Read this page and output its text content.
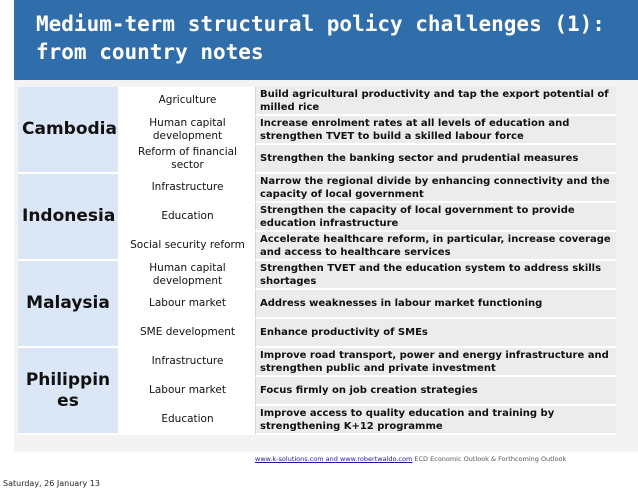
Medium-term structural policy challenges (1):
from country notes
Cambodia	Agriculture	Build agricultural productivity and tap the export potential of milled rice
	Human capital development	Increase enrolment rates at all levels of education and strengthen TVET to build a skilled labour force
	Reform of financial sector	Strengthen the banking sector and prudential measures
Indonesia	Infrastructure	Narrow the regional divide by enhancing connectivity and the capacity of local government
	Education	Strengthen the capacity of local government to provide education infrastructure
	Social security reform	Accelerate healthcare reform, in particular, increase coverage and access to healthcare services
Malaysia	Human capital development	Strengthen TVET and the education system to address skills shortages
	Labour market	Address weaknesses in labour market functioning
	SME development	Enhance productivity of SMEs
Philippines	Infrastructure	Improve road transport, power and energy infrastructure and strengthen public and private investment
	Labour market	Focus firmly on job creation strategies
	Education	Improve access to quality education and training by strengthening K+12 programme
www.k-solutions.com and www.robertwaldo.com ECD Economic Outlook & Forthcoming Outlook
Saturday, 26 January 13
